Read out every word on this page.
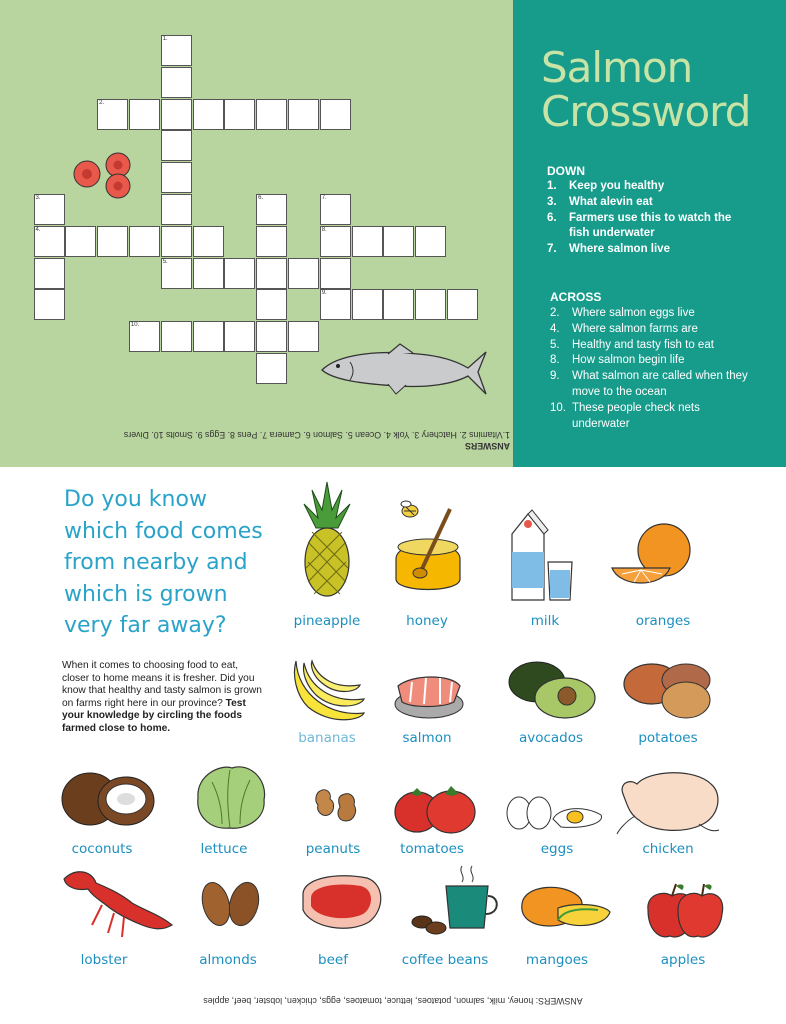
1.
2.
3.
4.
5.
6.	7.
8.
9.
10.
ANSWERS
1.Vitamins 2. Hatchery 3. Yolk 4. Ocean 5. Salmon 6. Camera 7. Pens 8. Eggs 9. Smolts 10. Divers
Salmon
Crossword
DOWN
1. Keep you healthy
3. What alevin eat
6. Farmers use this to watch the fish underwater
7. Where salmon live
ACROSS
2. Where salmon eggs live
4. Where salmon farms are
5. Healthy and tasty fish to eat
8. How salmon begin life
9. What salmon are called when they move to the ocean
10. These people check nets underwater
Do you know
which food comes
from nearby and
which is grown
very far away?
When it comes to choosing food to eat, closer to home means it is fresher. Did you know that healthy and tasty salmon is grown on farms right here in our province? Test your knowledge by circling the foods farmed close to home.
pineapple	honey	milk	oranges
bananas	salmon	avocados	potatoes
coconuts	lettuce	peanuts	tomatoes	eggs	chicken
lobster	almonds	beef	coffee beans	mangoes	apples
ANSWERS: honey, milk, salmon, potatoes, lettuce, tomatoes, eggs, chicken, lobster, beef, apples
